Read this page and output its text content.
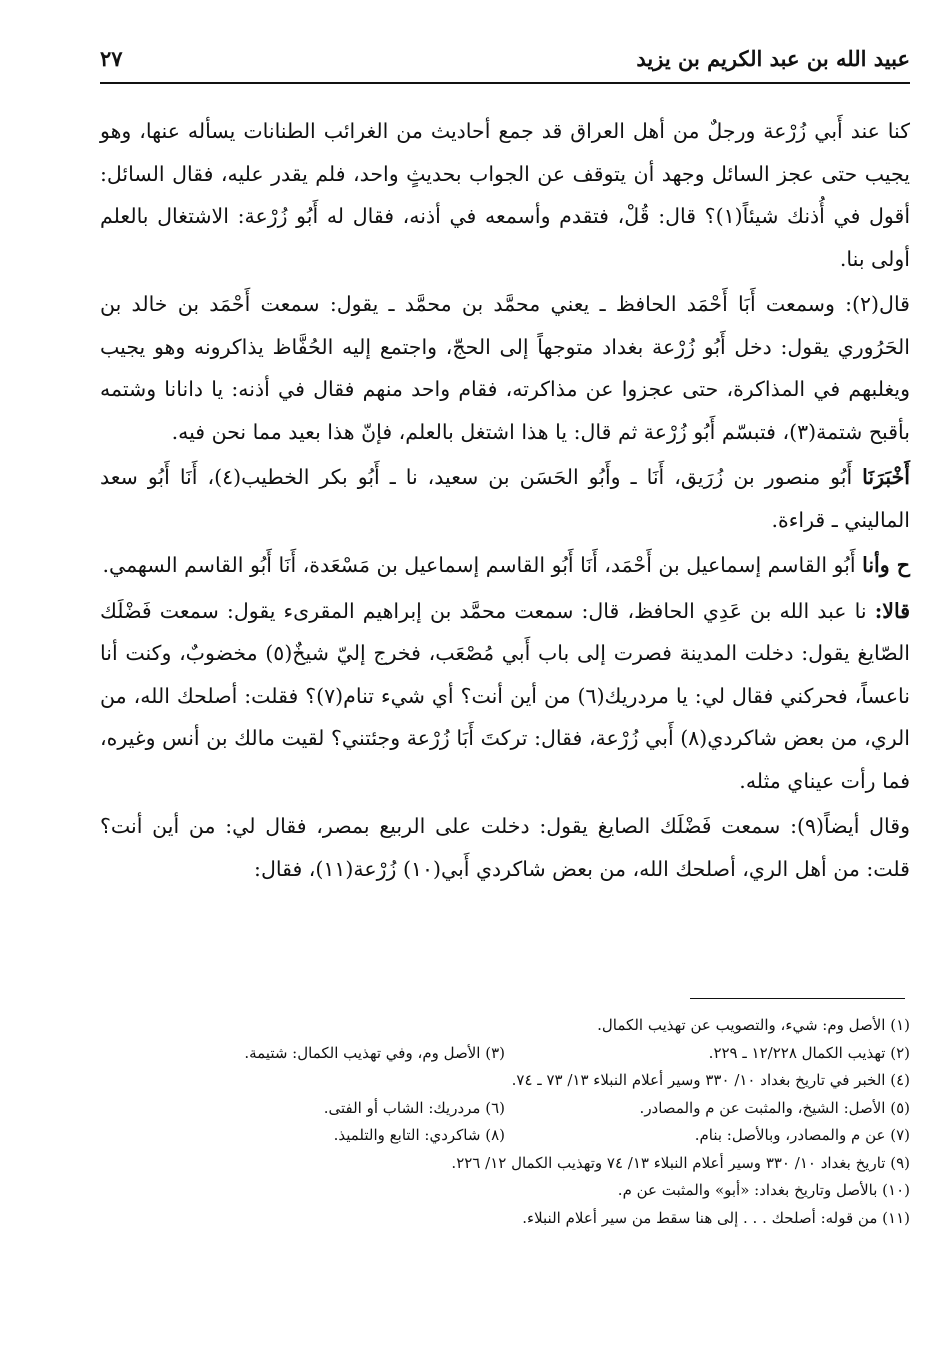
عبيد الله بن عبد الكريم بن يزيد
٢٧

كنا عند أَبي زُرْعة ورجلٌ من أهل العراق قد جمع أحاديث من الغرائب الطنانات يسأله عنها، وهو يجيب حتى عجز السائل وجهد أن يتوقف عن الجواب بحديثٍ واحد، فلم يقدر عليه، فقال السائل: أقول في أُذنك شيئاً(١)؟ قال: قُلْ، فتقدم وأسمعه في أذنه، فقال له أَبُو زُرْعة: الاشتغال بالعلم أولى بنا.

قال(٢): وسمعت أَبَا أَحْمَد الحافظ ـ يعني محمَّد بن محمَّد ـ يقول: سمعت أَحْمَد بن خالد بن الحَرُوري يقول: دخل أَبُو زُرْعة بغداد متوجهاً إلى الحجّ، واجتمع إليه الحُفَّاظ يذاكرونه وهو يجيب ويغلبهم في المذاكرة، حتى عجزوا عن مذاكرته، فقام واحد منهم فقال في أذنه: يا دانانا وشتمه بأقبح شتمة(٣)، فتبسّم أَبُو زُرْعة ثم قال: يا هذا اشتغل بالعلم، فإنّ هذا بعيد مما نحن فيه.

أَخْبَرَنَا أَبُو منصور بن زُرَيق، أَنَا ـ وأَبُو الحَسَن بن سعيد، نا ـ أَبُو بكر الخطيب(٤)، أَنَا أَبُو سعد الماليني ـ قراءة.

ح وأنا أَبُو القاسم إسماعيل بن أَحْمَد، أَنَا أَبُو القاسم إسماعيل بن مَسْعَدة، أَنَا أَبُو القاسم السهمي.

قالا: نا عبد الله بن عَدِي الحافظ، قال: سمعت محمَّد بن إبراهيم المقرىء يقول: سمعت فَضْلَك الصّايغ يقول: دخلت المدينة فصرت إلى باب أَبي مُصْعَب، فخرج إليّ شيخٌ(٥) مخضوبٌ، وكنت أنا ناعساً، فحركني فقال لي: يا مردريك(٦) من أين أنت؟ أي شيء تنام(٧)؟ فقلت: أصلحك الله، من الري، من بعض شاكردي(٨) أَبي زُرْعة، فقال: تركتَ أَبَا زُرْعة وجئتني؟ لقيت مالك بن أنس وغيره، فما رأت عيناي مثله.

وقال أيضاً(٩): سمعت فَضْلَك الصايغ يقول: دخلت على الربيع بمصر، فقال لي: من أين أنت؟ قلت: من أهل الري، أصلحك الله، من بعض شاكردي أَبي(١٠) زُرْعة(١١)، فقال:

(١) الأصل وم: شيء، والتصويب عن تهذيب الكمال.
(٢) تهذيب الكمال ١٢/٢٢٨ ـ ٢٢٩.
(٣) الأصل وم، وفي تهذيب الكمال: شتيمة.
(٤) الخبر في تاريخ بغداد ١٠/ ٣٣٠ وسير أعلام النبلاء ١٣/ ٧٣ ـ ٧٤.
(٥) الأصل: الشيخ، والمثبت عن م والمصادر.
(٦) مردريك: الشاب أو الفتى.
(٧) عن م والمصادر، وبالأصل: بنام.
(٨) شاكردي: التابع والتلميذ.
(٩) تاريخ بغداد ١٠/ ٣٣٠ وسير أعلام النبلاء ١٣/ ٧٤ وتهذيب الكمال ١٢/ ٢٢٦.
(١٠) بالأصل وتاريخ بغداد: «أبو» والمثبت عن م.
(١١) من قوله: أصلحك . . . إلى هنا سقط من سير أعلام النبلاء.
